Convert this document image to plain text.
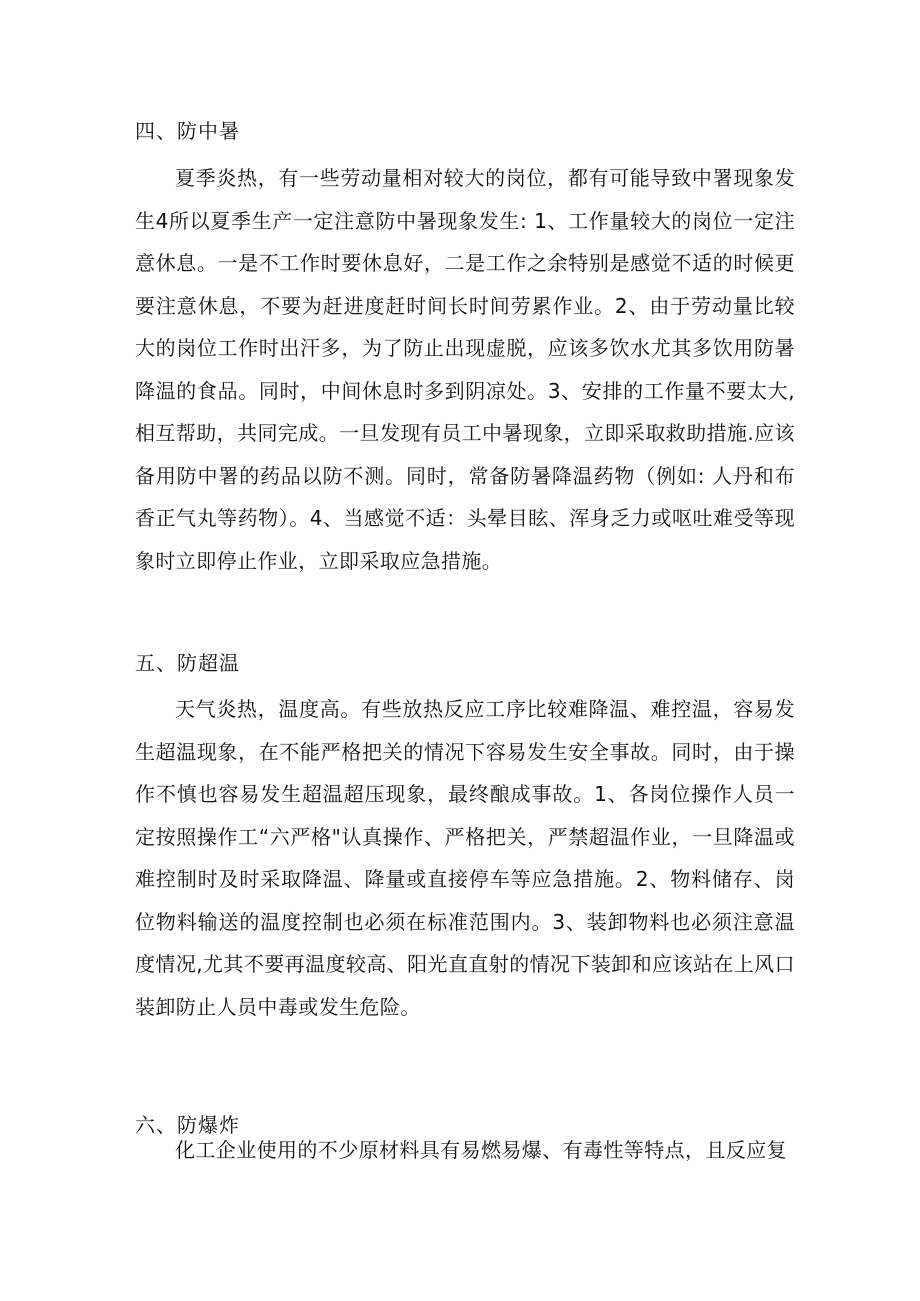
四、防中暑

夏季炎热，有一些劳动量相对较大的岗位，都有可能导致中署现象发生4所以夏季生产一定注意防中暑现象发生: 1、工作量较大的岗位一定注意休息。一是不工作时要休息好，二是工作之余特别是感觉不适的时候更要注意休息，不要为赶进度赶时间长时间劳累作业。2、由于劳动量比较大的岗位工作时出汗多，为了防止出现虚脱，应该多饮水尤其多饮用防暑降温的食品。同时，中间休息时多到阴凉处。3、安排的工作量不要太大,相互帮助，共同完成。一旦发现有员工中暑现象，立即采取救助措施.应该备用防中署的药品以防不测。同时，常备防暑降温药物（例如: 人丹和布香正气丸等药物）。4、当感觉不适：头晕目眩、浑身乏力或呕吐难受等现象时立即停止作业，立即采取应急措施。

五、防超温

天气炎热，温度高。有些放热反应工序比较难降温、难控温，容易发生超温现象，在不能严格把关的情况下容易发生安全事故。同时，由于操作不慎也容易发生超温超压现象，最终酿成事故。1、各岗位操作人员一定按照操作工“六严格"认真操作、严格把关，严禁超温作业，一旦降温或难控制时及时采取降温、降量或直接停车等应急措施。2、物料储存、岗位物料输送的温度控制也必须在标准范围内。3、装卸物料也必须注意温度情况,尤其不要再温度较高、阳光直直射的情况下装卸和应该站在上风口装卸防止人员中毒或发生危险。

六、防爆炸

化工企业使用的不少原材料具有易燃易爆、有毒性等特点，且反应复
